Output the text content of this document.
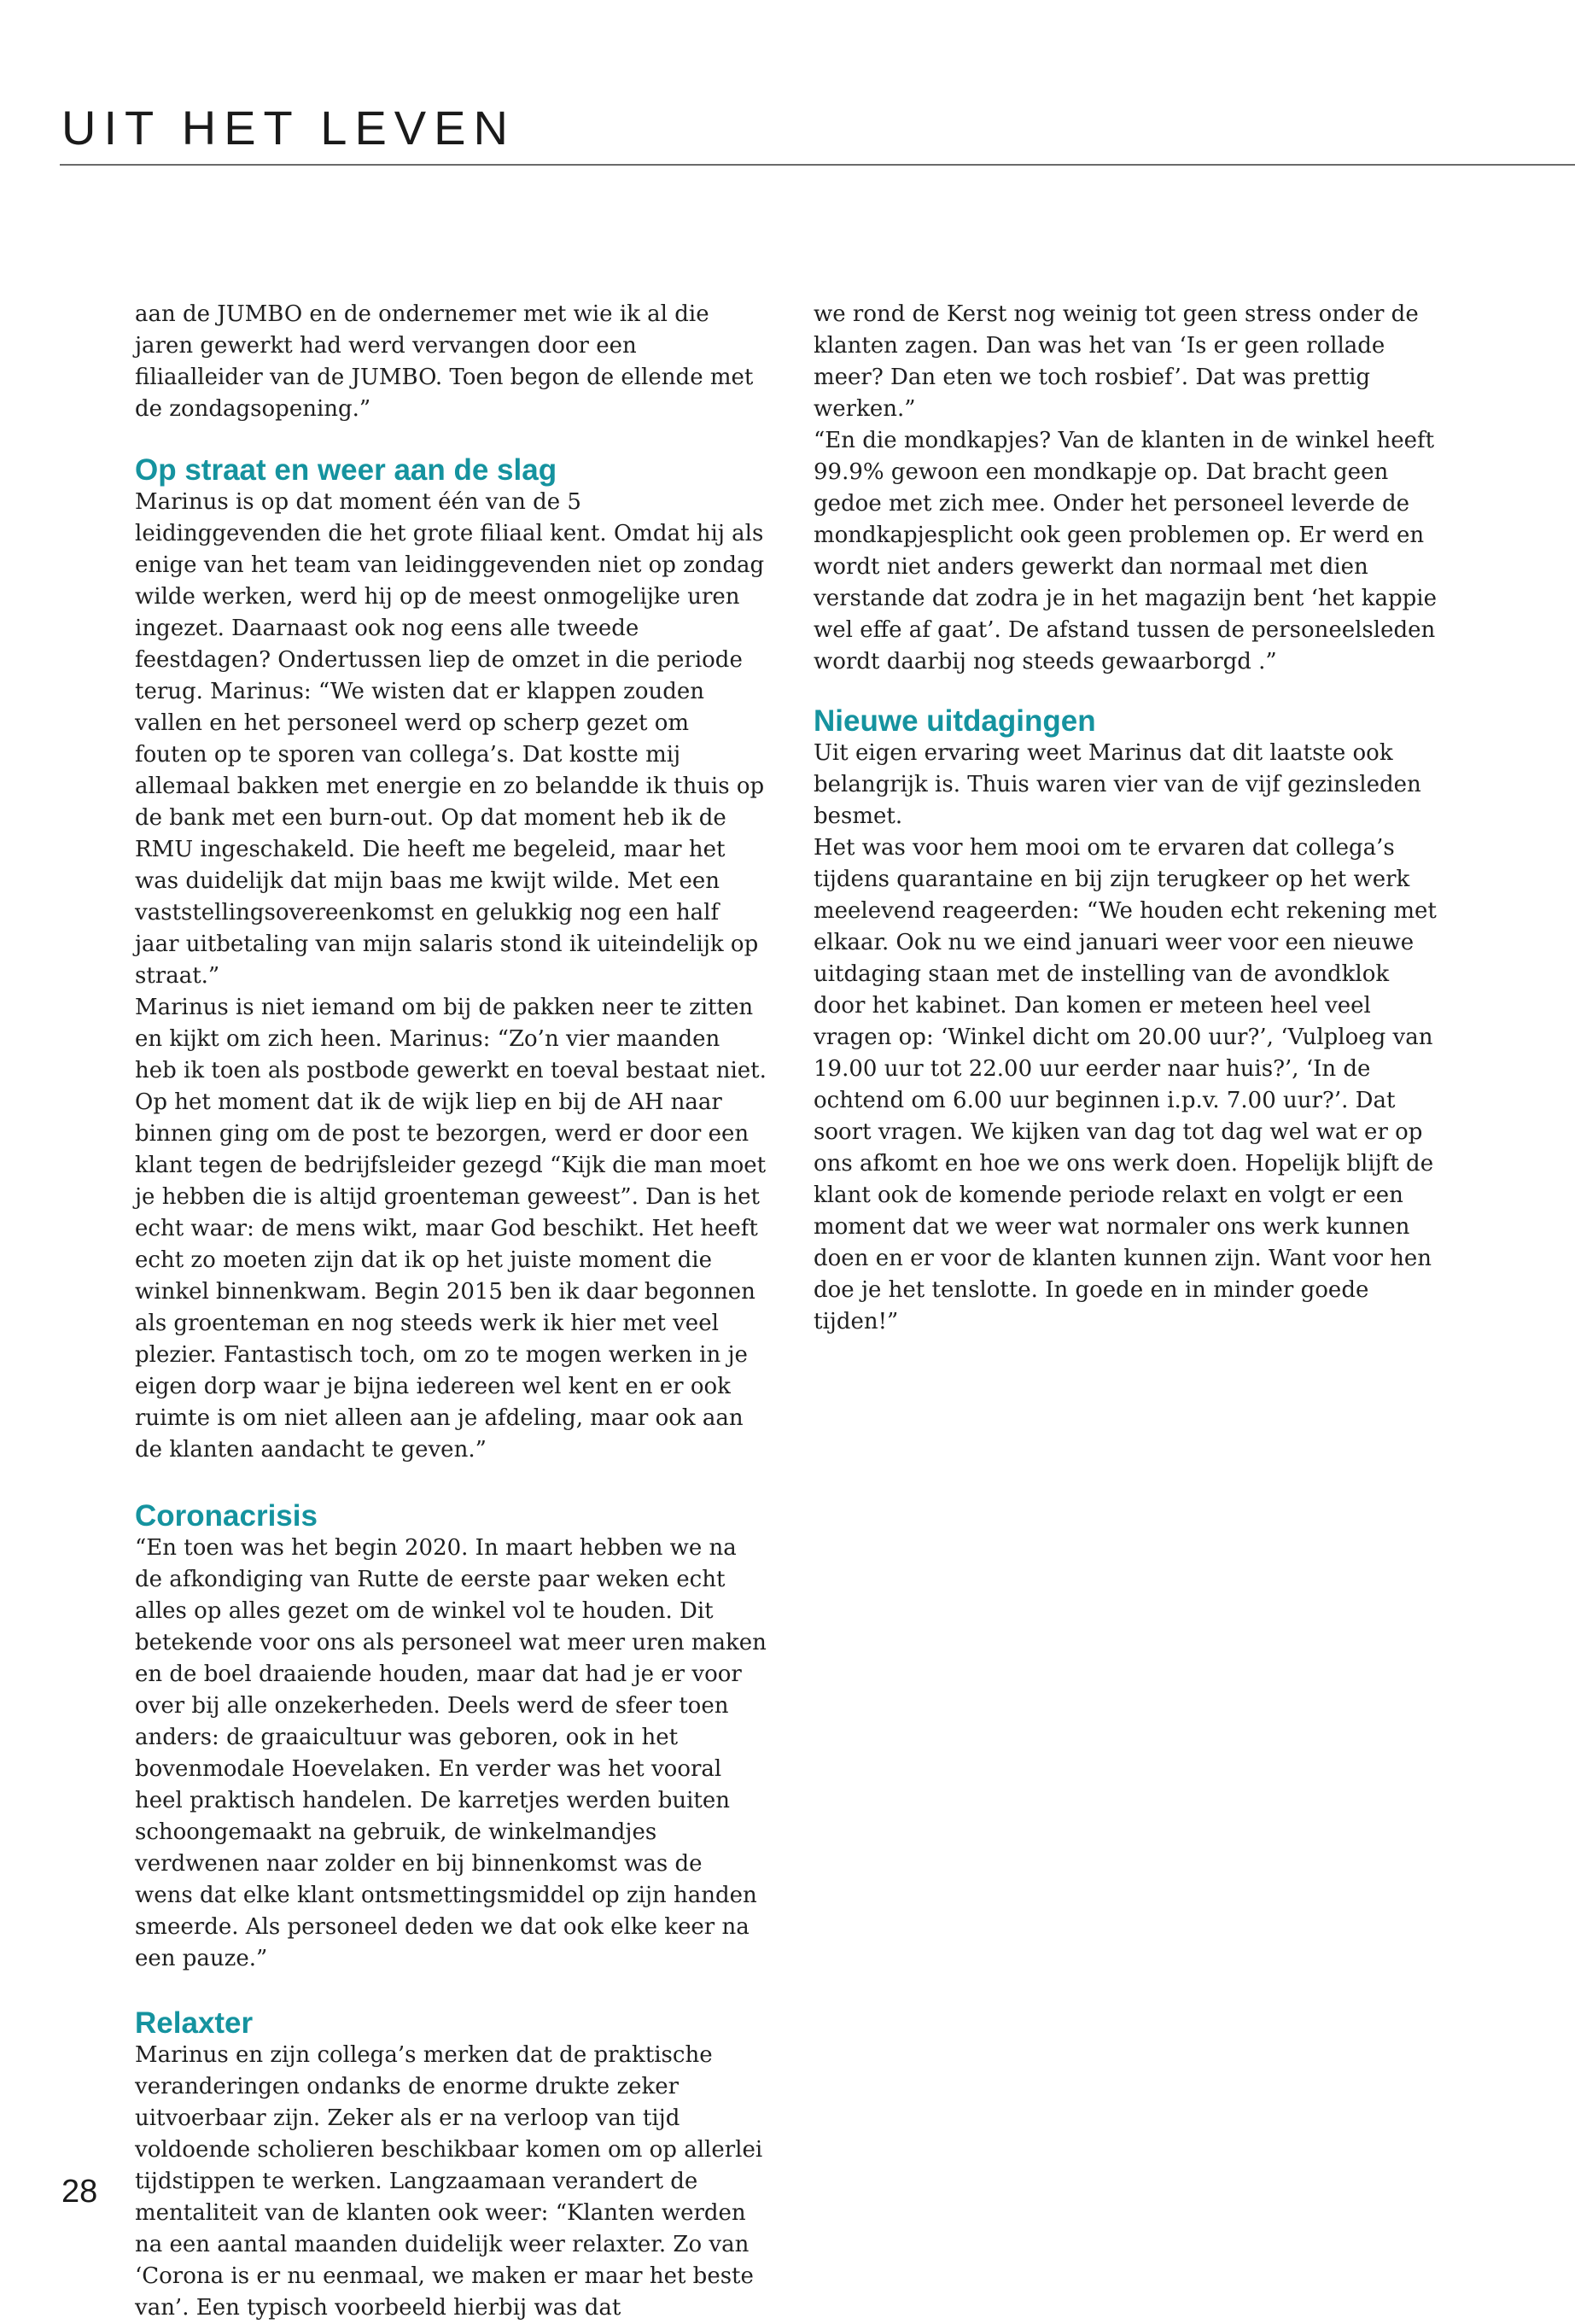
UIT HET LEVEN

aan de JUMBO en de ondernemer met wie ik al die jaren gewerkt had werd vervangen door een filiaalleider van de JUMBO. Toen begon de ellende met de zondagsopening.”

Op straat en weer aan de slag

Marinus is op dat moment één van de 5 leidinggevenden die het grote filiaal kent. Omdat hij als enige van het team van leidinggevenden niet op zondag wilde werken, werd hij op de meest onmogelijke uren ingezet. Daarnaast ook nog eens alle tweede feestdagen? Ondertussen liep de omzet in die periode terug. Marinus: “We wisten dat er klappen zouden vallen en het personeel werd op scherp gezet om fouten op te sporen van collega’s. Dat kostte mij allemaal bakken met energie en zo belandde ik thuis op de bank met een burn-out. Op dat moment heb ik de RMU ingeschakeld. Die heeft me begeleid, maar het was duidelijk dat mijn baas me kwijt wilde. Met een vaststellingsovereenkomst en gelukkig nog een half jaar uitbetaling van mijn salaris stond ik uiteindelijk op straat.”

Marinus is niet iemand om bij de pakken neer te zitten en kijkt om zich heen. Marinus: “Zo’n vier maanden heb ik toen als postbode gewerkt en toeval bestaat niet. Op het moment dat ik de wijk liep en bij de AH naar binnen ging om de post te bezorgen, werd er door een klant tegen de bedrijfsleider gezegd “Kijk die man moet je hebben die is altijd groenteman geweest”. Dan is het echt waar: de mens wikt, maar God beschikt. Het heeft echt zo moeten zijn dat ik op het juiste moment die winkel binnenkwam. Begin 2015 ben ik daar begonnen als groenteman en nog steeds werk ik hier met veel plezier. Fantastisch toch, om zo te mogen werken in je eigen dorp waar je bijna iedereen wel kent en er ook ruimte is om niet alleen aan je afdeling, maar ook aan de klanten aandacht te geven.”

Coronacrisis

“En toen was het begin 2020. In maart hebben we na de afkondiging van Rutte de eerste paar weken echt alles op alles gezet om de winkel vol te houden. Dit betekende voor ons als personeel wat meer uren maken en de boel draaiende houden, maar dat had je er voor over bij alle onzekerheden. Deels werd de sfeer toen anders: de graaicultuur was geboren, ook in het bovenmodale Hoevelaken. En verder was het vooral heel praktisch handelen. De karretjes werden buiten schoongemaakt na gebruik, de winkelmandjes verdwenen naar zolder en bij binnenkomst was de wens dat elke klant ontsmettingsmiddel op zijn handen smeerde. Als personeel deden we dat ook elke keer na een pauze.”

Relaxter

Marinus en zijn collega’s merken dat de praktische veranderingen ondanks de enorme drukte zeker uitvoerbaar zijn. Zeker als er na verloop van tijd voldoende scholieren beschikbaar komen om op allerlei tijdstippen te werken. Langzaamaan verandert de mentaliteit van de klanten ook weer: “Klanten werden na een aantal maanden duidelijk weer relaxter. Zo van ‘Corona is er nu eenmaal, we maken er maar het beste van’. Een typisch voorbeeld hierbij was dat

we rond de Kerst nog weinig tot geen stress onder de klanten zagen. Dan was het van ‘Is er geen rollade meer? Dan eten we toch rosbief’. Dat was prettig werken.”

“En die mondkapjes? Van de klanten in de winkel heeft 99.9% gewoon een mondkapje op. Dat bracht geen gedoe met zich mee. Onder het personeel leverde de mondkapjesplicht ook geen problemen op. Er werd en wordt niet anders gewerkt dan normaal met dien verstande dat zodra je in het magazijn bent ‘het kappie wel effe af gaat’. De afstand tussen de personeelsleden wordt daarbij nog steeds gewaarborgd .”

Nieuwe uitdagingen

Uit eigen ervaring weet Marinus dat dit laatste ook belangrijk is. Thuis waren vier van de vijf gezinsleden besmet.

Het was voor hem mooi om te ervaren dat collega’s tijdens quarantaine en bij zijn terugkeer op het werk meelevend reageerden: “We houden echt rekening met elkaar. Ook nu we eind januari weer voor een nieuwe uitdaging staan met de instelling van de avondklok door het kabinet. Dan komen er meteen heel veel vragen op: ‘Winkel dicht om 20.00 uur?’, ‘Vulploeg van 19.00 uur tot 22.00 uur eerder naar huis?’, ‘In de ochtend om 6.00 uur beginnen i.p.v. 7.00 uur?’. Dat soort vragen. We kijken van dag tot dag wel wat er op ons afkomt en hoe we ons werk doen. Hopelijk blijft de klant ook de komende periode relaxt en volgt er een moment dat we weer wat normaler ons werk kunnen doen en er voor de klanten kunnen zijn. Want voor hen doe je het tenslotte. In goede en in minder goede tijden!”

28
